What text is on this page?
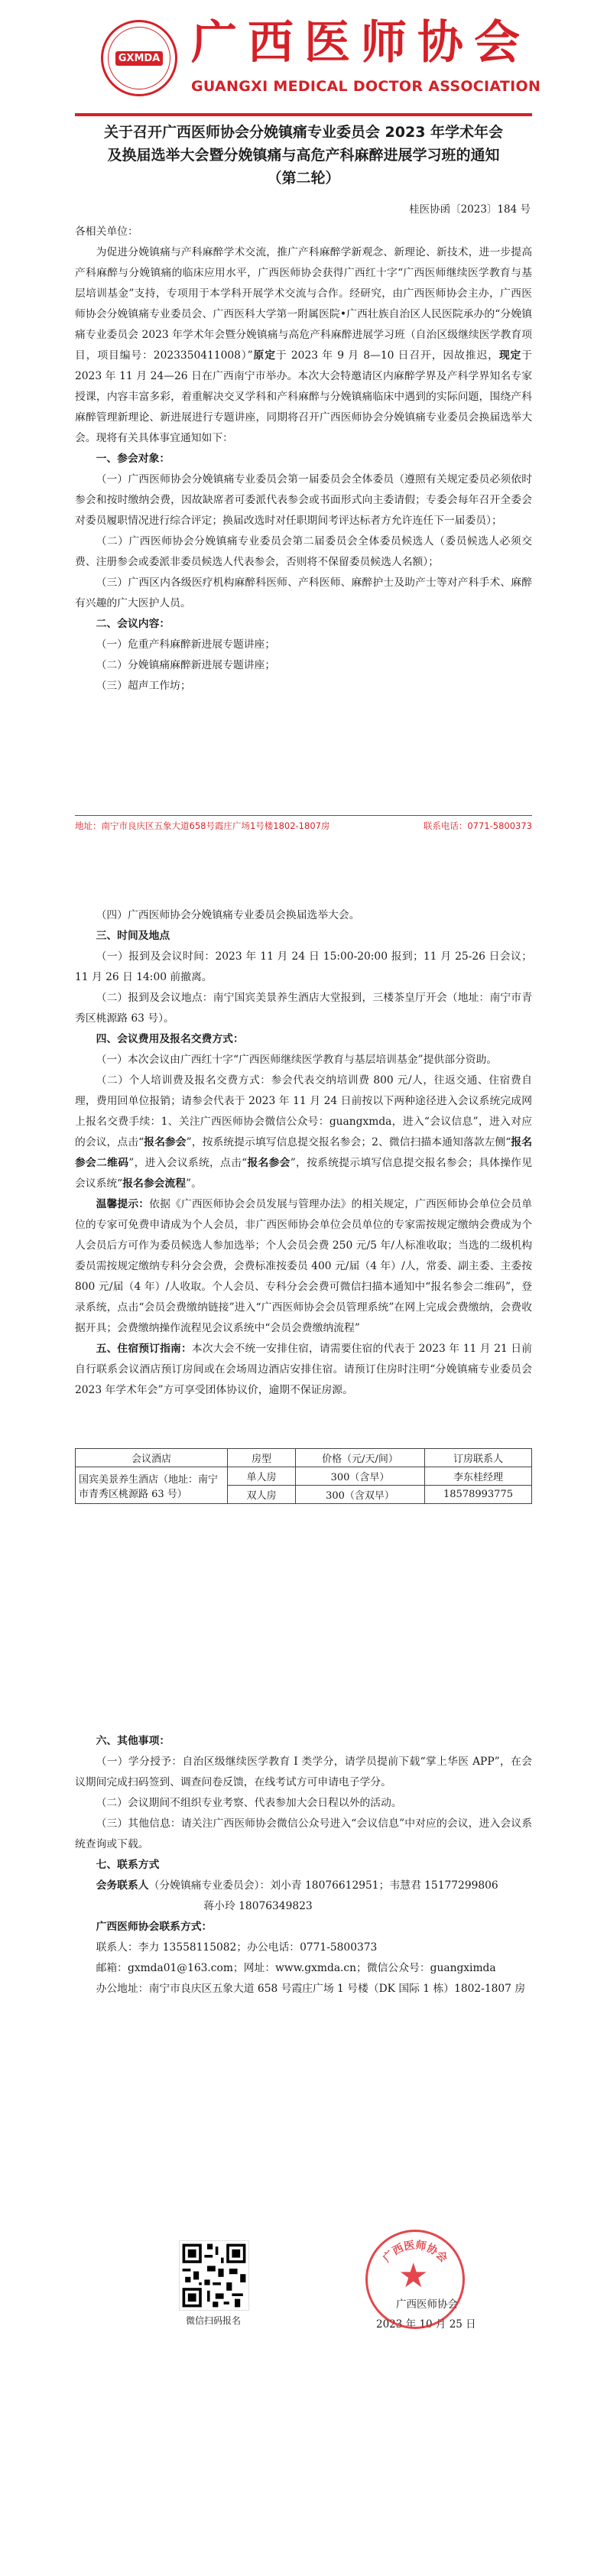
GXMDA 广西医师协会
GUANGXI MEDICAL DOCTOR ASSOCIATION
关于召开广西医师协会分娩镇痛专业委员会 2023 年学术年会
及换届选举大会暨分娩镇痛与高危产科麻醉进展学习班的通知
（第二轮）
桂医协函〔2023〕184 号

各相关单位：

为促进分娩镇痛与产科麻醉学术交流，推广产科麻醉学新观念、新理论、新技术，进一步提高产科麻醉与分娩镇痛的临床应用水平，广西医师协会获得广西红十字“广西医师继续医学教育与基层培训基金”支持，专项用于本学科开展学术交流与合作。经研究，由广西医师协会主办，广西医师协会分娩镇痛专业委员会、广西医科大学第一附属医院•广西壮族自治区人民医院承办的“分娩镇痛专业委员会 2023 年学术年会暨分娩镇痛与高危产科麻醉进展学习班（自治区级继续医学教育项目，项目编号：2023350411008）”原定于 2023 年 9 月 8—10 日召开，因故推迟，现定于 2023 年 11 月 24—26 日在广西南宁市举办。本次大会特邀请区内麻醉学界及产科学界知名专家授课，内容丰富多彩，着重解决交叉学科和产科麻醉与分娩镇痛临床中遇到的实际问题，围绕产科麻醉管理新理论、新进展进行专题讲座，同期将召开广西医师协会分娩镇痛专业委员会换届选举大会。现将有关具体事宜通知如下：

一、参会对象：

（一）广西医师协会分娩镇痛专业委员会第一届委员会全体委员（遵照有关规定委员必须依时参会和按时缴纳会费，因故缺席者可委派代表参会或书面形式向主委请假；专委会每年召开全委会对委员履职情况进行综合评定；换届改选时对任职期间考评达标者方允许连任下一届委员）；

（二）广西医师协会分娩镇痛专业委员会第二届委员会全体委员候选人（委员候选人必须交费、注册参会或委派非委员候选人代表参会，否则将不保留委员候选人名额）；

（三）广西区内各级医疗机构麻醉科医师、产科医师、麻醉护士及助产士等对产科手术、麻醉有兴趣的广大医护人员。

二、会议内容：

（一）危重产科麻醉新进展专题讲座；

（二）分娩镇痛麻醉新进展专题讲座；

（三）超声工作坊；

地址：南宁市良庆区五象大道658号霞庄广场1号楼1802-1807房	联系电话：0771-5800373

（四）广西医师协会分娩镇痛专业委员会换届选举大会。

三、时间及地点

（一）报到及会议时间：2023 年 11 月 24 日 15:00-20:00 报到；11 月 25-26 日会议；11 月 26 日 14:00 前撤离。

（二）报到及会议地点：南宁国宾美景养生酒店大堂报到，三楼茶皇厅开会（地址：南宁市青秀区桃源路 63 号）。

四、会议费用及报名交费方式：

（一）本次会议由广西红十字“广西医师继续医学教育与基层培训基金”提供部分资助。

（二）个人培训费及报名交费方式：参会代表交纳培训费 800 元/人，往返交通、住宿费自理，费用回单位报销；请参会代表于 2023 年 11 月 24 日前按以下两种途径进入会议系统完成网上报名交费手续：1、关注广西医师协会微信公众号：guangxmda，进入“会议信息”，进入对应的会议，点击“报名参会”，按系统提示填写信息提交报名参会；2、微信扫描本通知落款左侧“报名参会二维码”，进入会议系统，点击“报名参会”，按系统提示填写信息提交报名参会；具体操作见会议系统“报名参会流程”。

温馨提示：依据《广西医师协会会员发展与管理办法》的相关规定，广西医师协会单位会员单位的专家可免费申请成为个人会员，非广西医师协会单位会员单位的专家需按规定缴纳会费成为个人会员后方可作为委员候选人参加选举；个人会员会费 250 元/5 年/人标准收取；当选的二级机构委员需按规定缴纳专科分会会费，会费标准按委员 400 元/届（4 年）/人，常委、副主委、主委按 800 元/届（4 年）/人收取。个人会员、专科分会会费可微信扫描本通知中“报名参会二维码”，登录系统，点击“会员会费缴纳链接”进入“广西医师协会会员管理系统”在网上完成会费缴纳，会费收据开具；会费缴纳操作流程见会议系统中“会员会费缴纳流程”

五、住宿预订指南：本次大会不统一安排住宿，请需要住宿的代表于 2023 年 11 月 21 日前自行联系会议酒店预订房间或在会场周边酒店安排住宿。请预订住房时注明“分娩镇痛专业委员会 2023 年学术年会”方可享受团体协议价，逾期不保证房源。

会议酒店	房型	价格（元/天/间）	订房联系人
国宾美景养生酒店（地址：南宁市青秀区桃源路 63 号）	单人房	300（含早）	李东桂经理
	双人房	300（含双早）	18578993775

六、其他事项：

（一）学分授予：自治区级继续医学教育 I 类学分，请学员提前下载“掌上华医 APP”，在会议期间完成扫码签到、调查问卷反馈，在线考试方可申请电子学分。

（二）会议期间不组织专业考察、代表参加大会日程以外的活动。

（三）其他信息：请关注广西医师协会微信公众号进入“会议信息”中对应的会议，进入会议系统查询或下载。

七、联系方式

会务联系人（分娩镇痛专业委员会）：刘小青 18076612951；韦慧君 15177299806

蒋小玲 18076349823

广西医师协会联系方式：

联系人：李力 13558115082；办公电话：0771-5800373

邮箱：gxmda01@163.com；网址：www.gxmda.cn；微信公众号：guangximda

办公地址：南宁市良庆区五象大道 658 号霞庄广场 1 号楼（DK 国际 1 栋）1802-1807 房

微信扫码报名
广西医师协会
2023 年 10 月 25 日
广西医师协会
★
